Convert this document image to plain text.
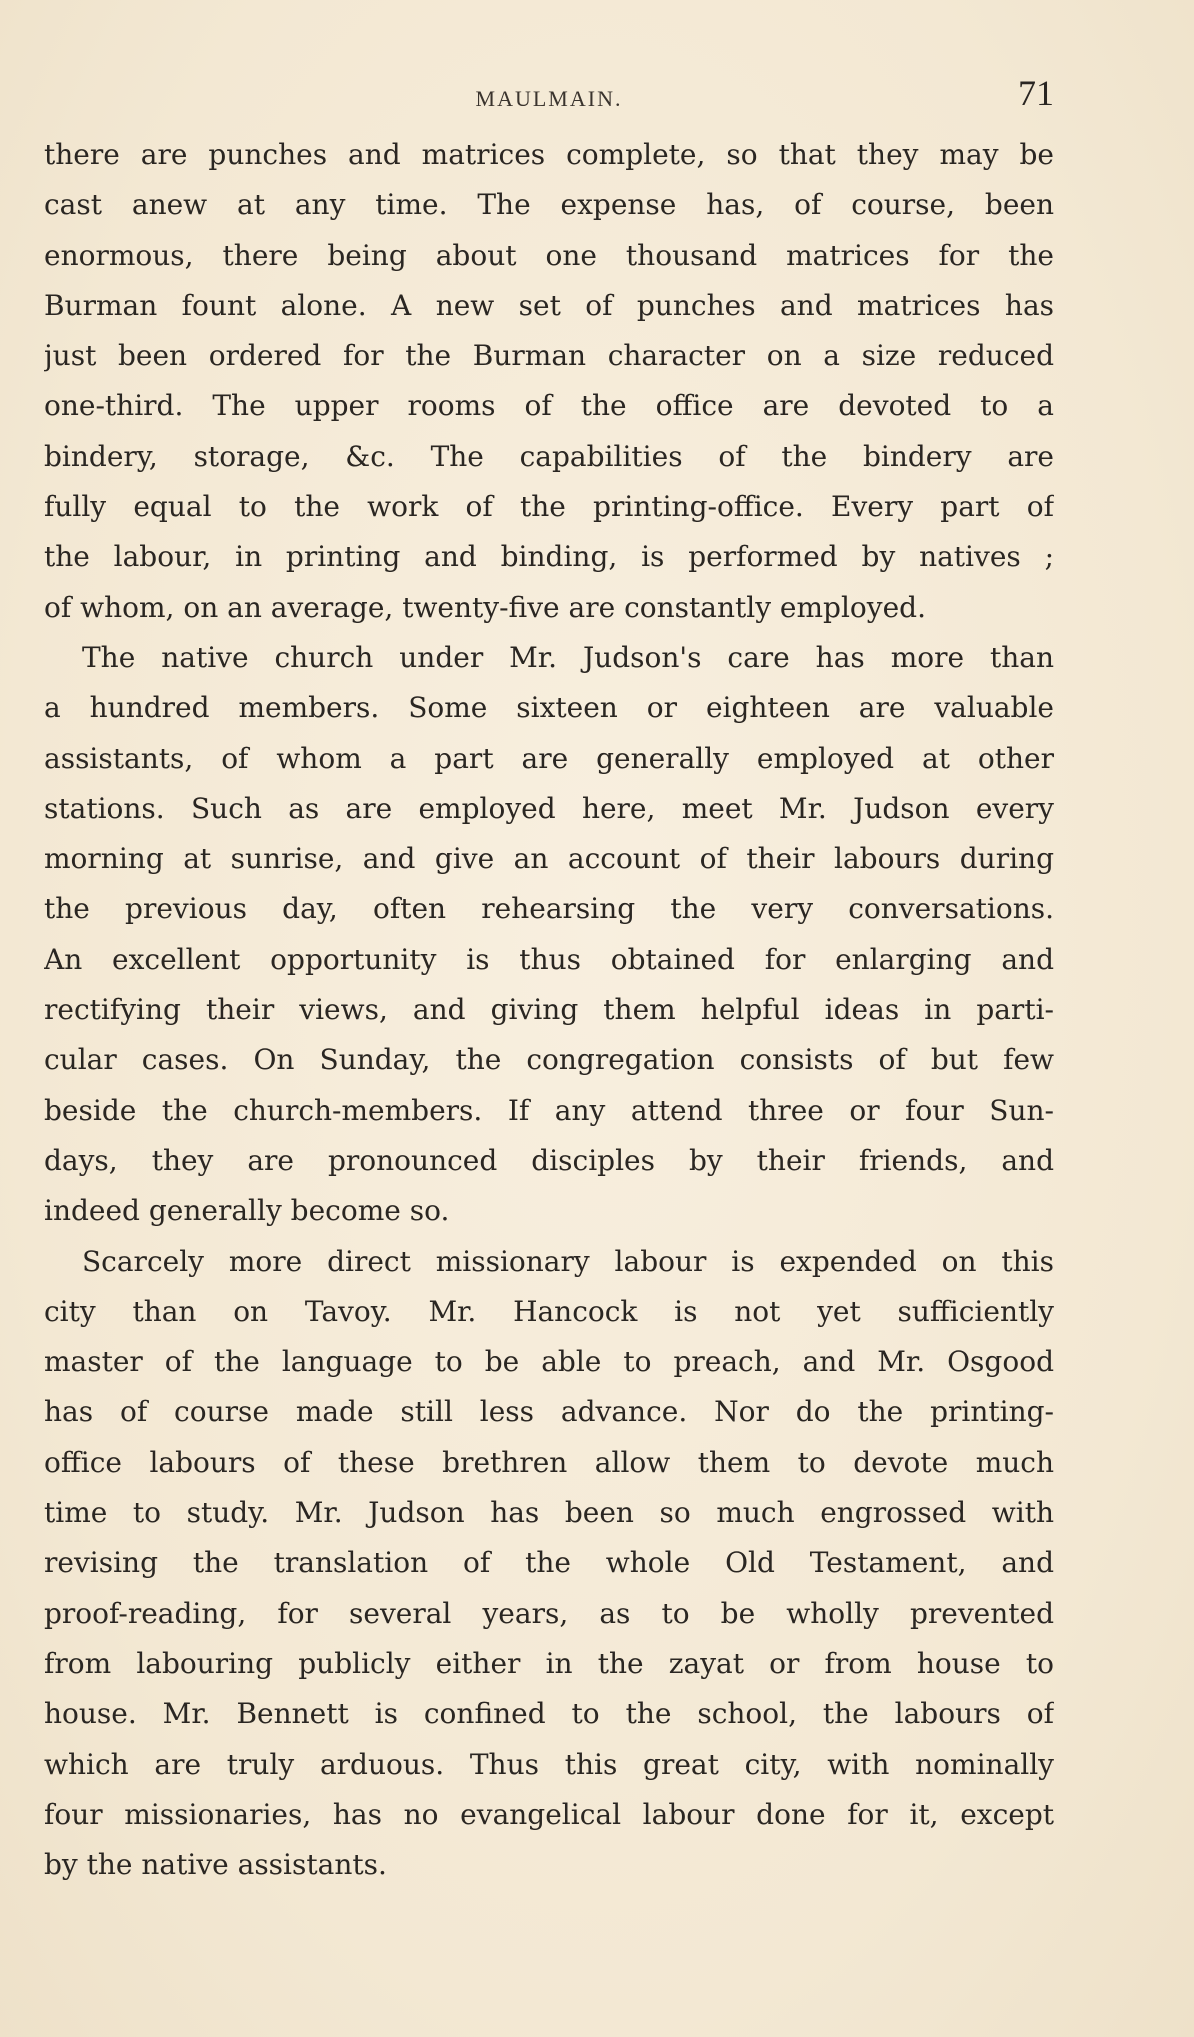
MAULMAIN.	71
there are punches and matrices complete, so that they may be
cast anew at any time. The expense has, of course, been
enormous, there being about one thousand matrices for the
Burman fount alone. A new set of punches and matrices has
just been ordered for the Burman character on a size reduced
one-third. The upper rooms of the office are devoted to a
bindery, storage, &c. The capabilities of the bindery are
fully equal to the work of the printing-office. Every part of
the labour, in printing and binding, is performed by natives ;
of whom, on an average, twenty-five are constantly employed.
The native church under Mr. Judson's care has more than
a hundred members. Some sixteen or eighteen are valuable
assistants, of whom a part are generally employed at other
stations. Such as are employed here, meet Mr. Judson every
morning at sunrise, and give an account of their labours during
the previous day, often rehearsing the very conversations.
An excellent opportunity is thus obtained for enlarging and
rectifying their views, and giving them helpful ideas in parti-
cular cases. On Sunday, the congregation consists of but few
beside the church-members. If any attend three or four Sun-
days, they are pronounced disciples by their friends, and
indeed generally become so.
Scarcely more direct missionary labour is expended on this
city than on Tavoy. Mr. Hancock is not yet sufficiently
master of the language to be able to preach, and Mr. Osgood
has of course made still less advance. Nor do the printing-
office labours of these brethren allow them to devote much
time to study. Mr. Judson has been so much engrossed with
revising the translation of the whole Old Testament, and
proof-reading, for several years, as to be wholly prevented
from labouring publicly either in the zayat or from house to
house. Mr. Bennett is confined to the school, the labours of
which are truly arduous. Thus this great city, with nominally
four missionaries, has no evangelical labour done for it, except
by the native assistants.
